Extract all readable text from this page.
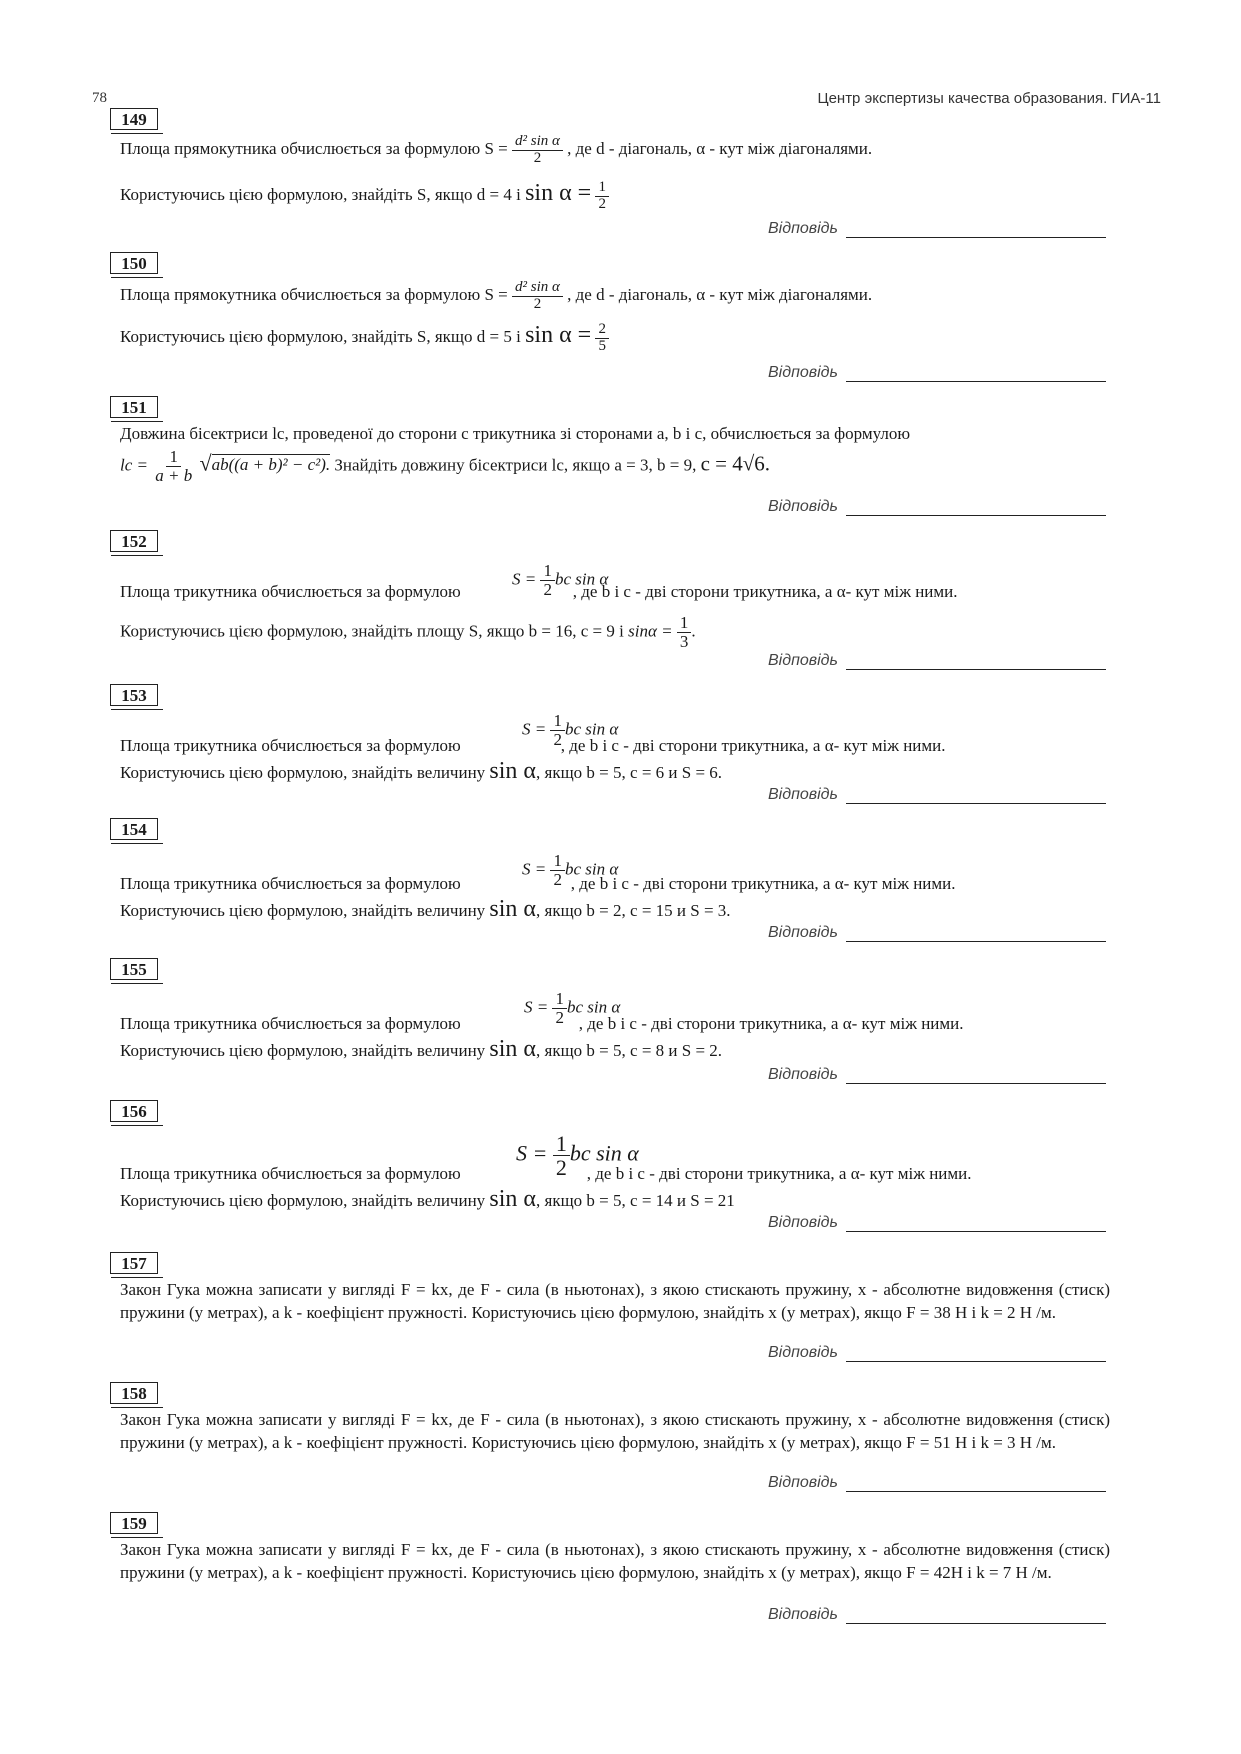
78	Центр экспертизы качества образования. ГИА-11
149
Площа прямокутника обчислюється за формулою $S = \frac{\text{d² sin α}}{2}$ , де d - діагональ, α - кут між діагоналями.
Користуючись цією формулою, знайдіть S, якщо d = 4 і $\sin \alpha = \frac{1}{2}$
Відповідь
150
Площа прямокутника обчислюється за формулою $S = \frac{\text{d² sin α}}{2}$ , де d - діагональ, α - кут між діагоналями.
Користуючись цією формулою, знайдіть S, якщо d = 5 і $\sin \alpha = \frac{2}{5}$
Відповідь
151
Довжина бісектриси lc, проведеної до сторони c трикутника зі сторонами a, b і c, обчислюється за формулою
lc = $\frac{1}{a + b} √ab((a + b)^2 - c^2)$. Знайдіть довжину бісектриси lc, якщо a = 3, b = 9, c = 4√6.
Відповідь
152
$S = \frac{1}{2}$ bc sin α
Площа трикутника обчислюється за формулою	, де b і c - дві сторони трикутника, а α- кут між ними.
Користуючись цією формулою, знайдіть площу S, якщо b = 16, c = 9 і $\sin\alpha = \frac{1}{3}$ .
Відповідь
153
$S = \frac{1}{2}$ bc sin α
Площа трикутника обчислюється за формулою	, де b і c - дві сторони трикутника, а α- кут між ними.
Користуючись цією формулою, знайдіть величину sin α, якщо b = 5, c = 6 и S = 6.
Відповідь
154
$S = \frac{1}{2}$ bc sin α
Площа трикутника обчислюється за формулою	, де b і c - дві сторони трикутника, а α- кут між ними.
Користуючись цією формулою, знайдіть величину sin α, якщо b = 2, c = 15 и S = 3.
Відповідь
155
$S = \frac{1}{2}$ bc sin α
Площа трикутника обчислюється за формулою	, де b і c - дві сторони трикутника, а α- кут між ними.
Користуючись цією формулою, знайдіть величину sin α, якщо b = 5, c = 8 и S = 2.
Відповідь
156
$S = \frac{1}{2}$ bc sin α
Площа трикутника обчислюється за формулою	, де b і c - дві сторони трикутника, а α- кут між ними.
Користуючись цією формулою, знайдіть величину sin α, якщо b = 5, c = 14 и S = 21
Відповідь
157
Закон Гука можна записати у вигляді F = kx, де F - сила (в ньютонах), з якою стискають пружину, x - абсолютне видовження (стиск) пружини (у метрах), а k - коефіцієнт пружності. Користуючись цією формулою, знайдіть x (у метрах), якщо F = 38 Н і k = 2 Н /м.
Відповідь
158
Закон Гука можна записати у вигляді F = kx, де F - сила (в ньютонах), з якою стискають пружину, x - абсолютне видовження (стиск) пружини (у метрах), а k - коефіцієнт пружності. Користуючись цією формулою, знайдіть x (у метрах), якщо F = 51 Н і k = 3 Н /м.
Відповідь
159
Закон Гука можна записати у вигляді F = kx, де F - сила (в ньютонах), з якою стискають пружину, x - абсолютне видовження (стиск) пружини (у метрах), а k - коефіцієнт пружності. Користуючись цією формулою, знайдіть x (у метрах), якщо F = 42Н і k = 7 Н /м.
Відповідь
